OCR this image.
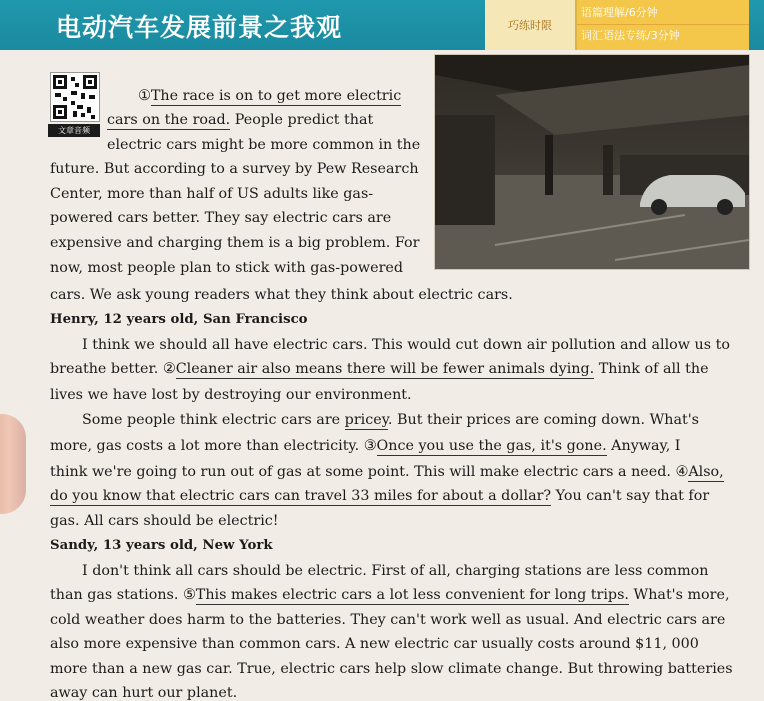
电动汽车发展前景之我观	巧练时限
语篇理解/6分钟
词汇语法专练/3分钟
文章音频
①The race is on to get more electric
cars on the road. People predict that
electric cars might be more common in the
future. But according to a survey by Pew Research
Center, more than half of US adults like gas-
powered cars better. They say electric cars are
expensive and charging them is a big problem. For
now, most people plan to stick with gas-powered
cars. We ask young readers what they think about electric cars.
Henry, 12 years old, San Francisco
I think we should all have electric cars. This would cut down air pollution and allow us to
breathe better. ②Cleaner air also means there will be fewer animals dying. Think of all the
lives we have lost by destroying our environment.
Some people think electric cars are pricey. But their prices are coming down. What's
more, gas costs a lot more than electricity. ③Once you use the gas, it's gone. Anyway, I
think we're going to run out of gas at some point. This will make electric cars a need. ④Also,
do you know that electric cars can travel 33 miles for about a dollar? You can't say that for
gas. All cars should be electric!
Sandy, 13 years old, New York
I don't think all cars should be electric. First of all, charging stations are less common
than gas stations. ⑤This makes electric cars a lot less convenient for long trips. What's more,
cold weather does harm to the batteries. They can't work well as usual. And electric cars are
also more expensive than common cars. A new electric car usually costs around $11, 000
more than a new gas car. True, electric cars help slow climate change. But throwing batteries
away can hurt our planet.
